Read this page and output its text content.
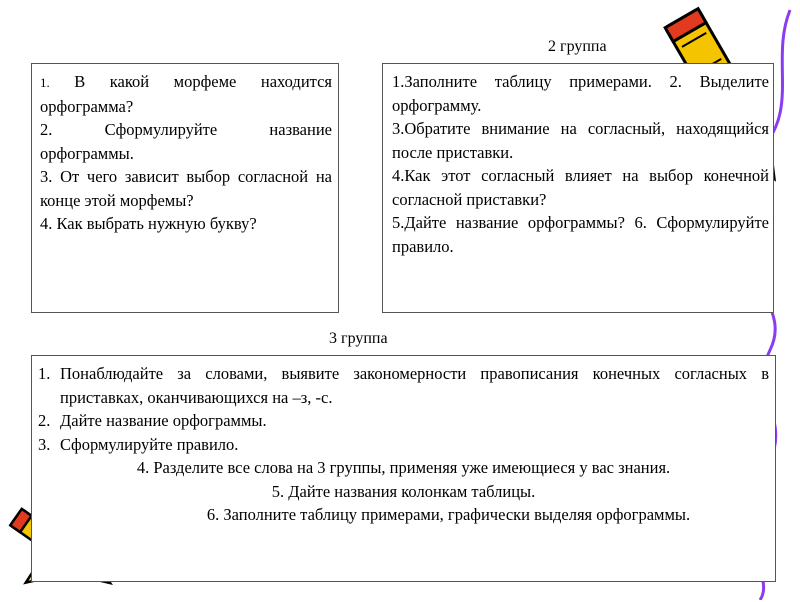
2 группа
3 группа

1. В какой морфеме находится орфограмма?

2. Сформулируйте название орфограммы.

3. От чего зависит выбор согласной на конце этой морфемы?

4. Как выбрать нужную букву?

1.Заполните таблицу примерами. 2. Выделите орфограмму.

3.Обратите внимание на согласный, находящийся после приставки.

4.Как этот согласный влияет на выбор конечной согласной приставки?

5.Дайте название орфограммы? 6. Сформулируйте правило.

1. Понаблюдайте за словами, выявите закономерности правописания конечных согласных в приставках, оканчивающихся на –з, -с.
2. Дайте название орфограммы.
3. Сформулируйте правило.

4. Разделите все слова на 3 группы, применяя уже имеющиеся у вас знания.

5. Дайте названия колонкам таблицы.

6. Заполните таблицу примерами, графически выделяя орфограммы.
